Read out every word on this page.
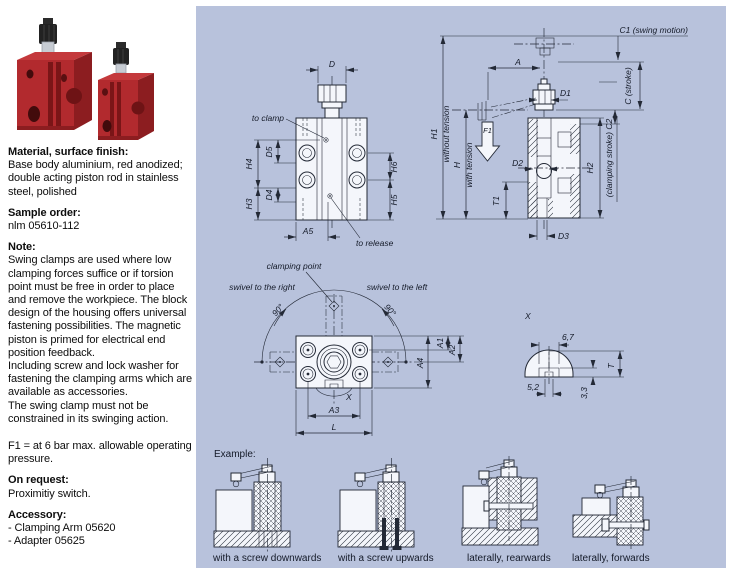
Material, surface finish:

Base body aluminium, red anodized; double acting piston rod in stainless steel, polished

Sample order:

nlm 05610-112

Note:

Swing clamps are used where low clamping forces suffice or if torsion point must be free in order to place and remove the workpiece. The block design of the housing offers universal fastening possibilities. The magnetic piston is primed for electrical end position feedback.

Including screw and lock washer for fastening the clamping arms which are available as accessories.

The swing clamp must not be constrained in its swinging action.

F1 = at 6 bar max. allowable operating pressure.

On request:

Proximitiy switch.

Accessory:

- Clamping Arm 05620

- Adapter 05625

D
H4
H3
D5
D4
H6
H5
A5
to clamp
to release
C1 (swing motion)
H1 without tension
H with tension
A
C (stroke)
(clamping stroke) C2
H2
F1
D1
D2
T1
D3
90°	90°
clamping point
swivel to the right	swivel to the left
X
A1
A2
A4
A3
L
X
6,7
5,2
3,3
T
Example:
with a screw downwards with a screw upwards	laterally, rearwards laterally, forwards
